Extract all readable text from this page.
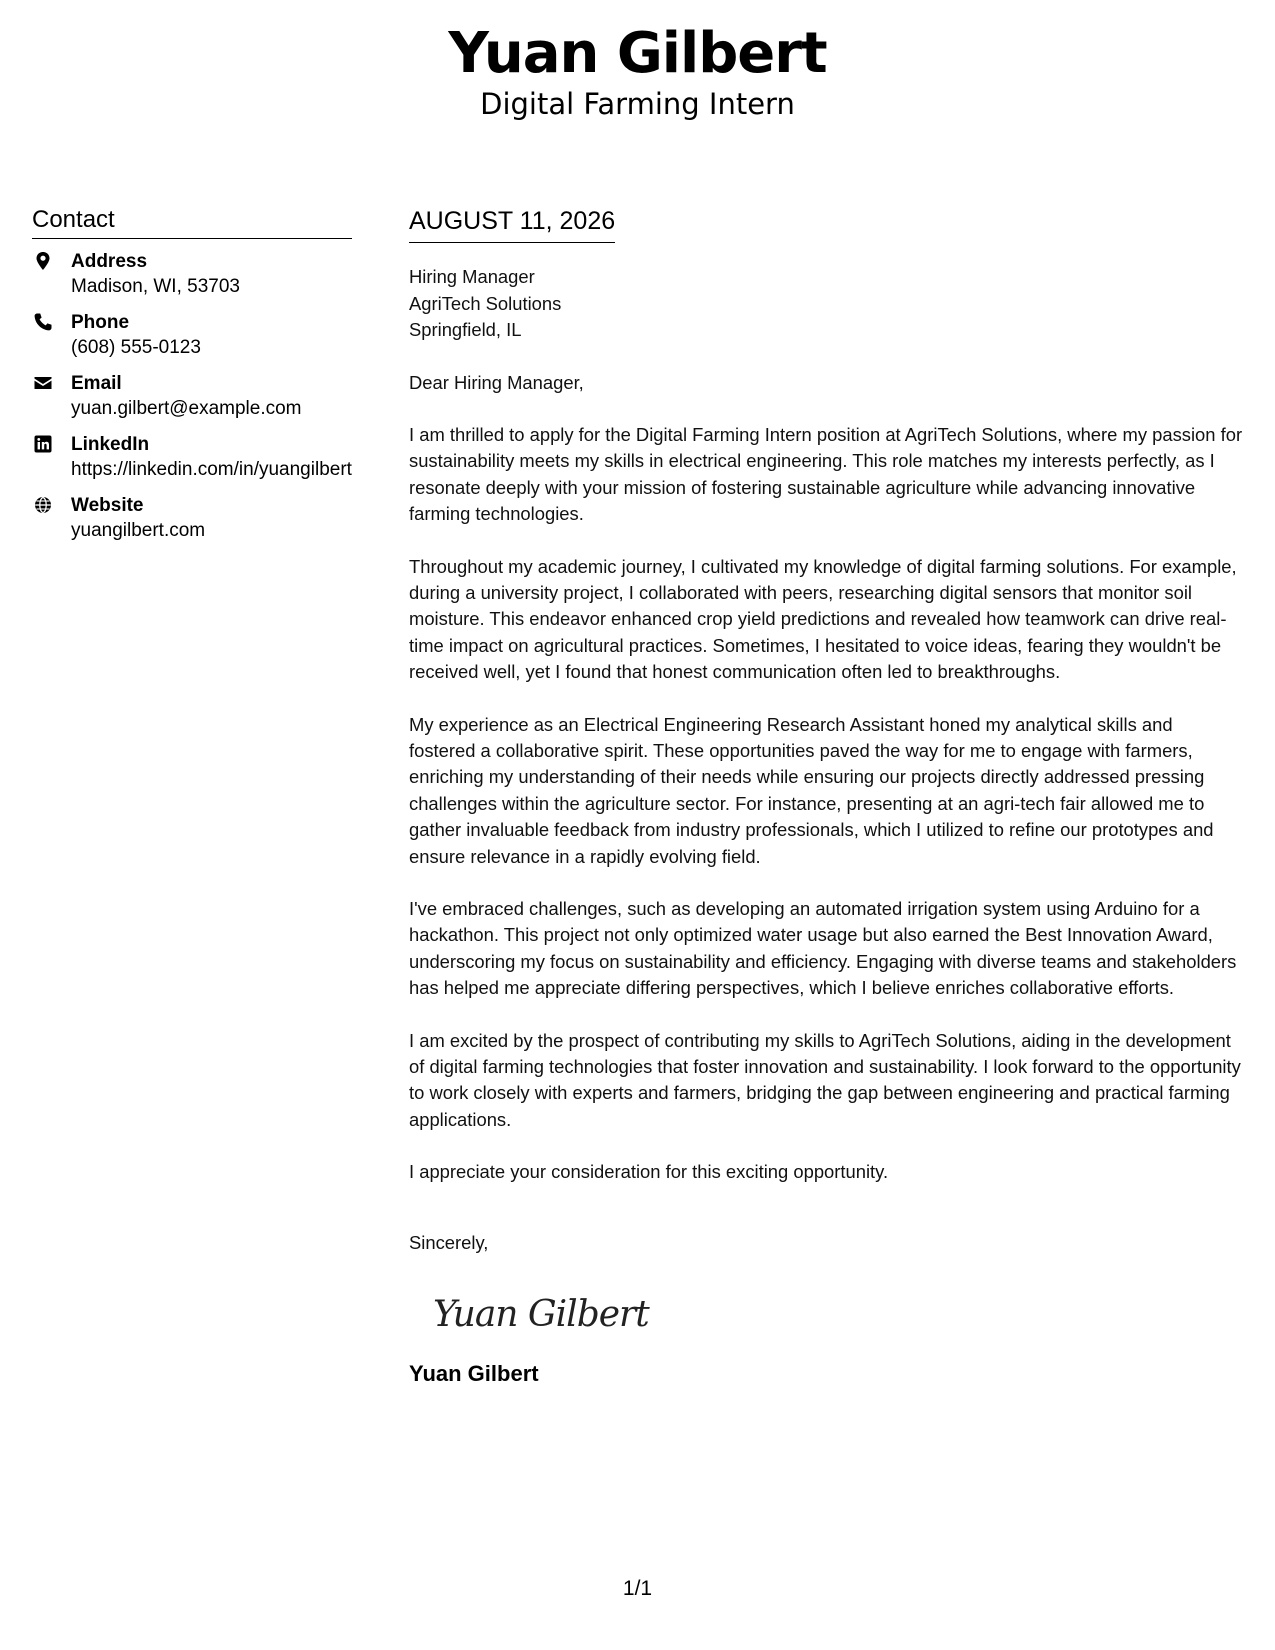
Yuan Gilbert
Digital Farming Intern
Contact
Address
Madison, WI, 53703
Phone
(608) 555-0123
Email
yuan.gilbert@example.com
LinkedIn
https://linkedin.com/in/yuangilbert
Website
yuangilbert.com
AUGUST 11, 2026
Hiring Manager
AgriTech Solutions
Springfield, IL
Dear Hiring Manager,
I am thrilled to apply for the Digital Farming Intern position at AgriTech Solutions, where my passion for sustainability meets my skills in electrical engineering. This role matches my interests perfectly, as I resonate deeply with your mission of fostering sustainable agriculture while advancing innovative farming technologies.
Throughout my academic journey, I cultivated my knowledge of digital farming solutions. For example, during a university project, I collaborated with peers, researching digital sensors that monitor soil moisture. This endeavor enhanced crop yield predictions and revealed how teamwork can drive real-time impact on agricultural practices. Sometimes, I hesitated to voice ideas, fearing they wouldn't be received well, yet I found that honest communication often led to breakthroughs.
My experience as an Electrical Engineering Research Assistant honed my analytical skills and fostered a collaborative spirit. These opportunities paved the way for me to engage with farmers, enriching my understanding of their needs while ensuring our projects directly addressed pressing challenges within the agriculture sector. For instance, presenting at an agri-tech fair allowed me to gather invaluable feedback from industry professionals, which I utilized to refine our prototypes and ensure relevance in a rapidly evolving field.
I've embraced challenges, such as developing an automated irrigation system using Arduino for a hackathon. This project not only optimized water usage but also earned the Best Innovation Award, underscoring my focus on sustainability and efficiency. Engaging with diverse teams and stakeholders has helped me appreciate differing perspectives, which I believe enriches collaborative efforts.
I am excited by the prospect of contributing my skills to AgriTech Solutions, aiding in the development of digital farming technologies that foster innovation and sustainability. I look forward to the opportunity to work closely with experts and farmers, bridging the gap between engineering and practical farming applications.
I appreciate your consideration for this exciting opportunity.
Sincerely,
Yuan Gilbert
Yuan Gilbert
1/1
